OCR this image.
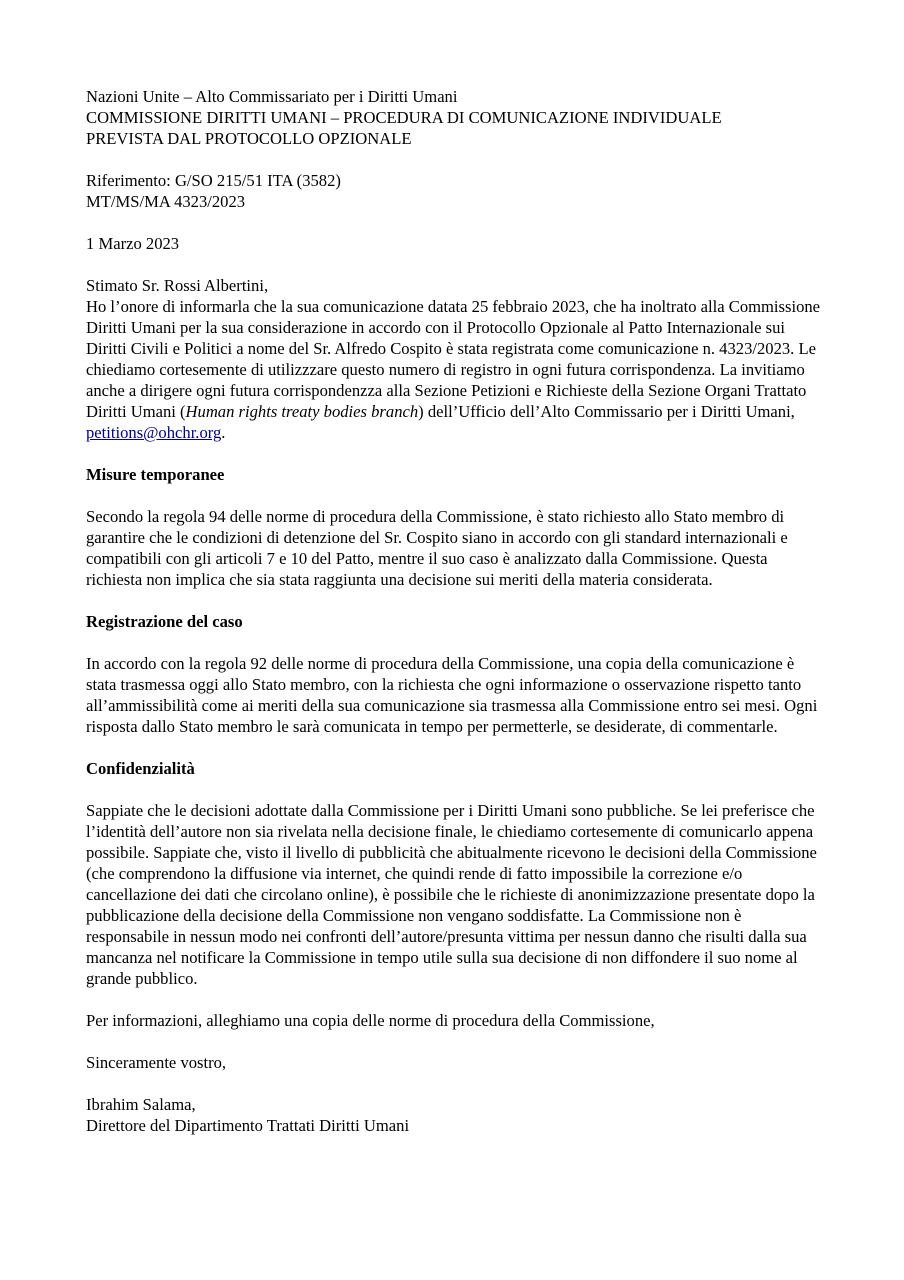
Nazioni Unite – Alto Commissariato per i Diritti Umani
COMMISSIONE DIRITTI UMANI – PROCEDURA DI COMUNICAZIONE INDIVIDUALE
PREVISTA DAL PROTOCOLLO OPZIONALE
Riferimento: G/SO 215/51 ITA (3582)
MT/MS/MA 4323/2023
1 Marzo 2023
Stimato Sr. Rossi Albertini,
Ho l’onore di informarla che la sua comunicazione datata 25 febbraio 2023, che ha inoltrato alla Commissione Diritti Umani per la sua considerazione in accordo con il Protocollo Opzionale al Patto Internazionale sui Diritti Civili e Politici a nome del Sr. Alfredo Cospito è stata registrata come comunicazione n. 4323/2023. Le chiediamo cortesemente di utilizzzare questo numero di registro in ogni futura corrispondenza. La invitiamo anche a dirigere ogni futura corrispondenzza alla Sezione Petizioni e Richieste della Sezione Organi Trattato Diritti Umani (Human rights treaty bodies branch) dell’Ufficio dell’Alto Commissario per i Diritti Umani, petitions@ohchr.org.
Misure temporanee

Secondo la regola 94 delle norme di procedura della Commissione, è stato richiesto allo Stato membro di garantire che le condizioni di detenzione del Sr. Cospito siano in accordo con gli standard internazionali e compatibili con gli articoli 7 e 10 del Patto, mentre il suo caso è analizzato dalla Commissione. Questa richiesta non implica che sia stata raggiunta una decisione sui meriti della materia considerata.

Registrazione del caso

In accordo con la regola 92 delle norme di procedura della Commissione, una copia della comunicazione è stata trasmessa oggi allo Stato membro, con la richiesta che ogni informazione o osservazione rispetto tanto all’ammissibilità come ai meriti della sua comunicazione sia trasmessa alla Commissione entro sei mesi. Ogni risposta dallo Stato membro le sarà comunicata in tempo per permetterle, se desiderate, di commentarle.

Confidenzialità

Sappiate che le decisioni adottate dalla Commissione per i Diritti Umani sono pubbliche. Se lei preferisce che l’identità dell’autore non sia rivelata nella decisione finale, le chiediamo cortesemente di comunicarlo appena possibile. Sappiate che, visto il livello di pubblicità che abitualmente ricevono le decisioni della Commissione (che comprendono la diffusione via internet, che quindi rende di fatto impossibile la correzione e/o cancellazione dei dati che circolano online), è possibile che le richieste di anonimizzazione presentate dopo la pubblicazione della decisione della Commissione non vengano soddisfatte. La Commissione non è responsabile in nessun modo nei confronti dell’autore/presunta vittima per nessun danno che risulti dalla sua mancanza nel notificare la Commissione in tempo utile sulla sua decisione di non diffondere il suo nome al grande pubblico.

Per informazioni, alleghiamo una copia delle norme di procedura della Commissione,

Sinceramente vostro,

Ibrahim Salama,
Direttore del Dipartimento Trattati Diritti Umani
